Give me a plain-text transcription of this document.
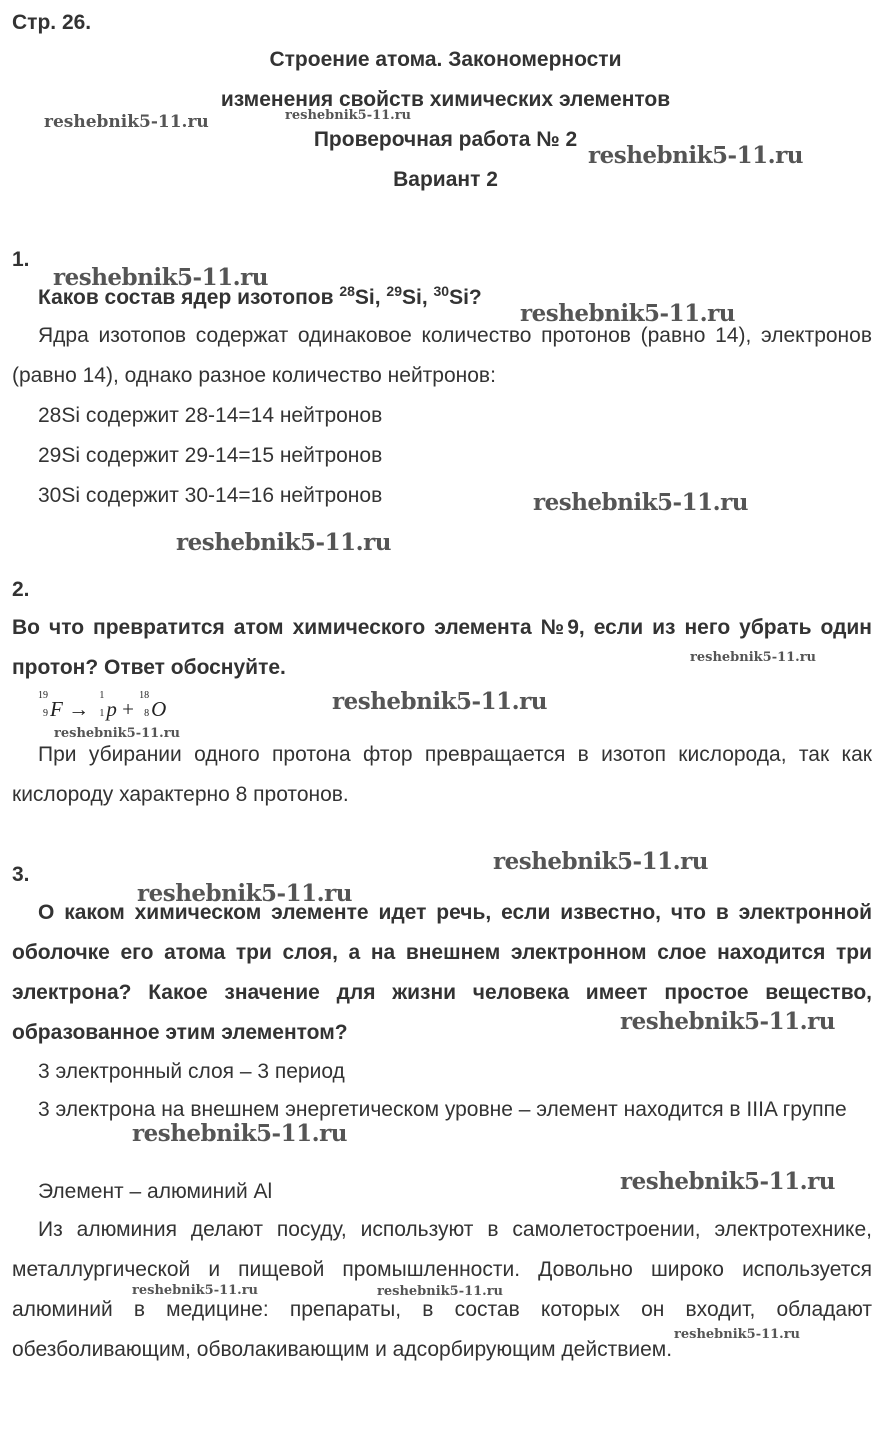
Стр. 26.
Строение атома. Закономерности
изменения свойств химических элементов
Проверочная работа № 2
Вариант 2
1.
Каков состав ядер изотопов $^{28}$Si, $^{29}$Si, $^{30}$Si?
Ядра изотопов содержат одинаковое количество протонов (равно 14), электронов (равно 14), однако разное количество нейтронов:
28Si содержит 28-14=14 нейтронов
29Si содержит 29-14=15 нейтронов
30Si содержит 30-14=16 нейтронов
2.
Во что превратится атом химического элемента №9, если из него убрать один протон? Ответ обоснуйте.
19
9 F →
1
1 p +
18
8 O
При убирании одного протона фтор превращается в изотоп кислорода, так как кислороду характерно 8 протонов.
3.
О каком химическом элементе идет речь, если известно, что в электронной оболочке его атома три слоя, а на внешнем электронном слое находится три электрона? Какое значение для жизни человека имеет простое вещество, образованное этим элементом?
3 электронный слоя – 3 период
3 электрона на внешнем энергетическом уровне – элемент находится в IIIA группе
Элемент – алюминий Al
Из алюминия делают посуду, используют в самолетостроении, электротехнике, металлургической и пищевой промышленности. Довольно широко используется алюминий в медицине: препараты, в состав которых он входит, обладают обезболивающим, обволакивающим и адсорбирующим действием.
reshebnik5-11.ru	reshebnik5-11.ru
reshebnik5-11.ru
reshebnik5-11.ru
reshebnik5-11.ru
reshebnik5-11.ru
reshebnik5-11.ru
reshebnik5-11.ru
reshebnik5-11.ru
reshebnik5-11.ru
reshebnik5-11.ru
reshebnik5-11.ru
reshebnik5-11.ru
reshebnik5-11.ru
reshebnik5-11.ru
reshebnik5-11.ru	reshebnik5-11.ru
reshebnik5-11.ru
